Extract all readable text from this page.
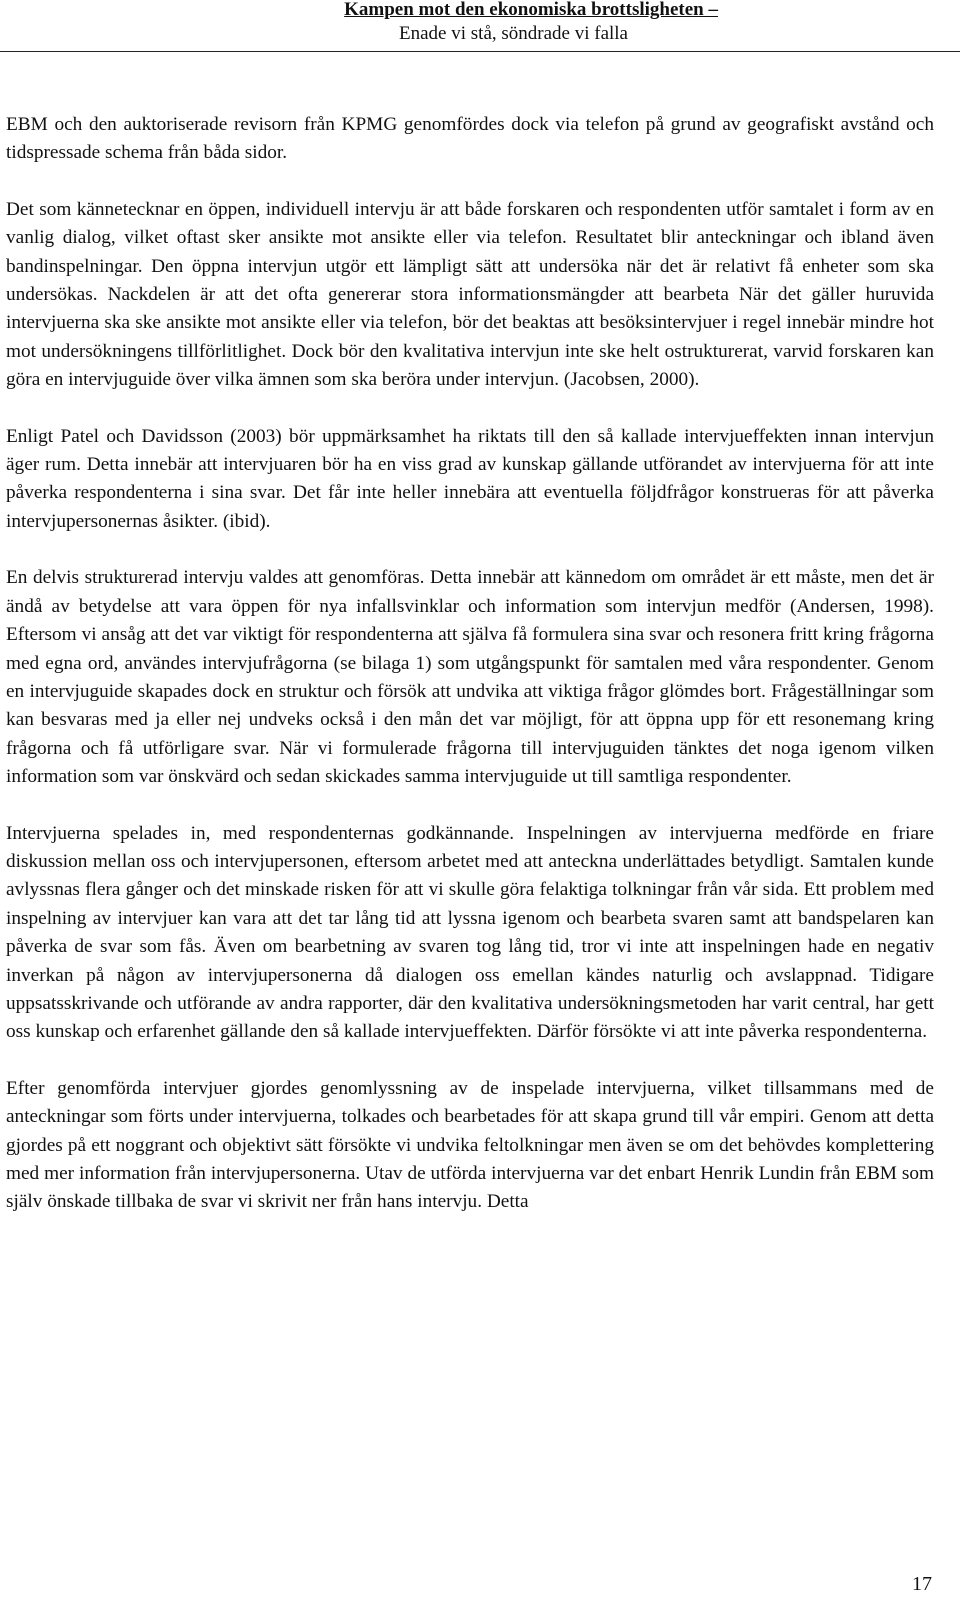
Kampen mot den ekonomiska brottsligheten –
Enade vi stå, söndrade vi falla

EBM och den auktoriserade revisorn från KPMG genomfördes dock via telefon på grund av geografiskt avstånd och tidspressade schema från båda sidor.

Det som kännetecknar en öppen, individuell intervju är att både forskaren och respondenten utför samtalet i form av en vanlig dialog, vilket oftast sker ansikte mot ansikte eller via telefon. Resultatet blir anteckningar och ibland även bandinspelningar. Den öppna intervjun utgör ett lämpligt sätt att undersöka när det är relativt få enheter som ska undersökas. Nackdelen är att det ofta genererar stora informationsmängder att bearbeta När det gäller huruvida intervjuerna ska ske ansikte mot ansikte eller via telefon, bör det beaktas att besöksintervjuer i regel innebär mindre hot mot undersökningens tillförlitlighet. Dock bör den kvalitativa intervjun inte ske helt ostrukturerat, varvid forskaren kan göra en intervjuguide över vilka ämnen som ska beröra under intervjun. (Jacobsen, 2000).

Enligt Patel och Davidsson (2003) bör uppmärksamhet ha riktats till den så kallade intervjueffekten innan intervjun äger rum. Detta innebär att intervjuaren bör ha en viss grad av kunskap gällande utförandet av intervjuerna för att inte påverka respondenterna i sina svar. Det får inte heller innebära att eventuella följdfrågor konstrueras för att påverka intervjupersonernas åsikter. (ibid).

En delvis strukturerad intervju valdes att genomföras. Detta innebär att kännedom om området är ett måste, men det är ändå av betydelse att vara öppen för nya infallsvinklar och information som intervjun medför (Andersen, 1998). Eftersom vi ansåg att det var viktigt för respondenterna att själva få formulera sina svar och resonera fritt kring frågorna med egna ord, användes intervjufrågorna (se bilaga 1) som utgångspunkt för samtalen med våra respondenter. Genom en intervjuguide skapades dock en struktur och försök att undvika att viktiga frågor glömdes bort. Frågeställningar som kan besvaras med ja eller nej undveks också i den mån det var möjligt, för att öppna upp för ett resonemang kring frågorna och få utförligare svar. När vi formulerade frågorna till intervjuguiden tänktes det noga igenom vilken information som var önskvärd och sedan skickades samma intervjuguide ut till samtliga respondenter.

Intervjuerna spelades in, med respondenternas godkännande. Inspelningen av intervjuerna medförde en friare diskussion mellan oss och intervjupersonen, eftersom arbetet med att anteckna underlättades betydligt. Samtalen kunde avlyssnas flera gånger och det minskade risken för att vi skulle göra felaktiga tolkningar från vår sida. Ett problem med inspelning av intervjuer kan vara att det tar lång tid att lyssna igenom och bearbeta svaren samt att bandspelaren kan påverka de svar som fås. Även om bearbetning av svaren tog lång tid, tror vi inte att inspelningen hade en negativ inverkan på någon av intervjupersonerna då dialogen oss emellan kändes naturlig och avslappnad. Tidigare uppsatsskrivande och utförande av andra rapporter, där den kvalitativa undersökningsmetoden har varit central, har gett oss kunskap och erfarenhet gällande den så kallade intervjueffekten. Därför försökte vi att inte påverka respondenterna.

Efter genomförda intervjuer gjordes genomlyssning av de inspelade intervjuerna, vilket tillsammans med de anteckningar som förts under intervjuerna, tolkades och bearbetades för att skapa grund till vår empiri. Genom att detta gjordes på ett noggrant och objektivt sätt försökte vi undvika feltolkningar men även se om det behövdes komplettering med mer information från intervjupersonerna. Utav de utförda intervjuerna var det enbart Henrik Lundin från EBM som själv önskade tillbaka de svar vi skrivit ner från hans intervju. Detta

17
